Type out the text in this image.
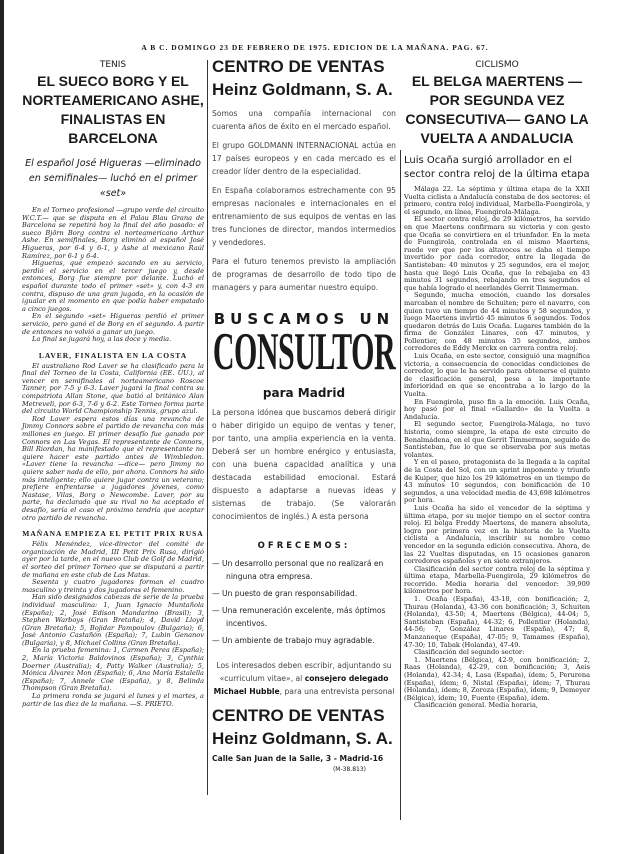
A B C. DOMINGO 23 DE FEBRERO DE 1975. EDICION DE LA MAÑANA. PAG. 67.
TENIS
EL SUECO BORG Y EL NORTEAMERICANO ASHE, FINALISTAS EN BARCELONA
El español José Higueras —eliminado en semifinales— luchó en el primer «set»

En el Torneo profesional —grupo verde del circuito W.C.T.— que se disputa en el Palau Blau Grana de Barcelona se repetirá hoy la final del año pasado: el sueco Björn Borg contra el norteamericano Arthur Ashe. En semifinales, Borg eliminó al español José Higueras, por 6-4 y 6-1, y Ashe al mexicano Raúl Ramírez, por 6-1 y 6-4.

Higueras, que empezó sacando en su servicio, perdió el servicio en el tercer juego y, desde entonces, Borg fue siempre por delante. Luchó el español durante todo el primer «set» y, con 4-3 en contra, dispuso de una gran jugada, en la ocasión de igualar en el momento en que podía haber empatado a cinco juegos.

En el segundo «set» Higueras perdió el primer servicio, pero ganó el de Borg en el segundo. A partir de entonces no volvió a ganar un juego.

La final se jugará hoy, a las doce y media.

LAVER, FINALISTA EN LA COSTA

El australiano Rod Laver se ha clasificado para la final del Torneo de la Costa, California (EE. UU.), al vencer en semifinales al norteamericano Roscoe Tanner, por 7-5 y 6-3. Laver jugará la final contra su compatriota Allan Stone, que batió al británico Alan Metreveli, por 6-3, 7-6 y 6-2. Este Torneo forma parte del circuito World Championship Tennis, grupo azul.

Rod Laver espera estos días una revancha de Jimmy Connors sobre el partido de revancha con más millones en juego. El primer desafío fue ganado por Connors en Las Vegas. El representante de Connors, Bill Riordan, ha manifestado que el representante no quiere hacer este partido antes de Wimbledon. «Laver tiene la revancha —dice— pero Jimmy no quiere saber nada de ello, por ahora. Connors ha sido más inteligente; ello quiere jugar contra un veterano; prefiere enfrentarse a jugadores jóvenes, como Nastase, Vilas, Borg o Newcombe. Laver, por su parte, ha declarado que su rival no ha aceptado el desafío, sería el caso el próximo tendría que aceptar otro partido de revancha.

MAÑANA EMPIEZA EL PETIT PRIX RUSA

Félix Menéndez, vice-director del comité de organización de Madrid, III Petit Prix Rusa, dirigió ayer por la tarde, en el nuevo Club de Golf de Madrid, el sorteo del primer Torneo que se disputará a partir de mañana en este club de Las Matas.

Sesenta y cuatro jugadores forman el cuadro masculino y treinta y dos jugadoras el femenino.

Han sido designados cabezas de serie de la prueba individual masculina: 1, Juan Ignacio Muntañola (España); 2, José Edison Mandarino (Brasil); 3, Stephen Warboys (Gran Bretaña); 4, David Lloyd (Gran Bretaña); 5, Bojidar Pampoulov (Bulgaria); 6, José Antonio Castañón (España); 7, Lubin Genanov (Bulgaria), y 8, Michael Collins (Gran Bretaña).

En la prueba femenina: 1, Carmen Perea (España); 2, María Victoria Baldovinos (España); 3, Cynthia Doerner (Australia); 4, Patty Walker (Australia); 5, Mónica Álvarez Mon (España); 6, Ana María Estalella (España); 7, Annele Coe (España), y 8, Belinda Thompson (Gran Bretaña).

La primera ronda se jugará el lunes y el martes, a partir de las diez de la mañana. —S. PRIETO.

CENTRO DE VENTAS
Heinz Goldmann, S. A.

Somos una compañía internacional con cuarenta años de éxito en el mercado español.

El grupo GOLDMANN INTERNACIONAL actúa en 17 países europeos y en cada mercado es el creador líder dentro de la especialidad.

En España colaboramos estrechamente con 95 empresas nacionales e internacionales en el entrenamiento de sus equipos de ventas en las tres funciones de director, mandos intermedios y vendedores.

Para el futuro tenemos previsto la ampliación de programas de desarrollo de todo tipo de managers y para aumentar nuestro equipo.

BUSCAMOS UN
CONSULTOR
para Madrid

La persona idónea que buscamos deberá dirigir o haber dirigido un equipo de ventas y tener, por tanto, una amplia experiencia en la venta. Deberá ser un hombre enérgico y entusiasta, con una buena capacidad analítica y una destacada estabilidad emocional. Estará dispuesto a adaptarse a nuevas ideas y sistemas de trabajo. (Se valorarán conocimientos de inglés.) A esta persona

OFRECEMOS:
— Un desarrollo personal que no realizará en ninguna otra empresa.
— Un puesto de gran responsabilidad.
— Una remuneración excelente, más óptimos incentivos.
— Un ambiente de trabajo muy agradable.

Los interesados deben escribir, adjuntando su «curriculum vitae», al consejero delegado Michael Hubble, para una entrevista personal

CENTRO DE VENTAS
Heinz Goldmann, S. A.
Calle San Juan de la Salle, 3 - Madrid-16
(M-38.813)
CICLISMO
EL BELGA MAERTENS —POR SEGUNDA VEZ CONSECUTIVA— GANO LA VUELTA A ANDALUCIA
Luis Ocaña surgió arrollador en el sector contra reloj de la última etapa

Málaga 22. La séptima y última etapa de la XXII Vuelta ciclista a Andalucía constaba de dos sectores: el primero, contra reloj individual, Marbella-Fuengirola, y el segundo, en línea, Fuengirola-Málaga.

El sector contra reloj, de 29 kilómetros, ha servido en que Maertens confirmara su victoria y con gesto que Ocaña se convirtiera en el triunfador. En la meta de Fuengirola, controlada en el mismo Maertens, ruede ver que por los altavoces se daba el tiempo invertido por cada corredor, entre la llegada de Santisteban: 40 minutos y 25 segundos, era el mejor, hasta que llegó Luis Ocaña, que lo rebajaba en 43 minutos 31 segundos, rebajando en tres segundos el que había logrado el neerlandés Gerrit Timmerman.

Segundo, mucha emoción, cuando los dorsales marcaban el nombre de Schuiten; pero el navarro, con quien tuvo un tiempo de 44 minutos y 58 segundos, y luego Maertens invirtió 45 minutos 6 segundos. Todos quedaron detrás de Luis Ocaña. Lugares también de la firma de González Linares, con 47 minutos, y Pollentier, con 48 minutos 35 segundos, ambos corredores de Eddy Merckx en carrera contra reloj.

Luis Ocaña, en este sector, consiguió una magnífica victoria, a consecuencia de conocidas condiciones de corredor, lo que le ha servido para obtenerse el quinto de clasificación general, pese a la importante inferioridad en que se encontraba a lo largo de la Vuelta.

En Fuengirola, puso fin a la emoción. Luis Ocaña, hoy pasó por el final «Gallardo» de la Vuelta a Andalucía.

El segundo sector, Fuengirola-Málaga, no tuvo historia, como siempre, la etapa de este circuito de Benalmádena, en el que Gerrit Timmerman, seguido de Santisteban, fue lo que se observaba por sus metas volantes.

Y en el paseo, protagonista de la llegada a la capital de la Costa del Sol, con un sprint imponente y triunfo de Kuiper, que hizo los 29 kilómetros en un tiempo de 43 minutos 10 segundos, con bonificación de 10 segundos, a una velocidad media de 43,698 kilómetros por hora.

Luis Ocaña ha sido el vencedor de la séptima y última etapa, por su mejor tiempo en el sector contra reloj. El belga Freddy Maertens, de manera absoluta, logra por primera vez en la historia de la Vuelta ciclista a Andalucía, inscribir su nombre como vencedor en la segunda edición consecutiva. Ahora, de las 22 Vueltas disputadas, en 15 ocasiones ganaron corredores españoles y en siete extranjeros.

Clasificación del sector contra reloj de la séptima y última etapa, Marbella-Fuengirola, 29 kilómetros de recorrido. Media horaria del vencedor: 39,909 kilómetros por hora.

1. Ocaña (España), 43-18, con bonificación; 2, Thurau (Holanda), 43-36 con bonificación; 3, Schuiten (Holanda), 43-50; 4, Maertens (Bélgica), 44-04; 5, Santisteban (España), 44-32; 6, Pollentier (Holanda), 44-56; 7, González Linares (España), 47; 8, Manzaneque (España), 47-05; 9, Tamames (España), 47-30; 10, Tabak (Holanda), 47-49.

Clasificación del segundo sector:

1. Maertens (Bélgica), 42-9, con bonificación; 2, Raas (Holanda), 42-29, con bonificación; 3, Aeis (Holanda), 42-34; 4, Lasa (España), ídem; 5, Perurena (España), ídem; 6, Nistal (España), ídem; 7, Thurau (Holanda), ídem; 8, Zoroza (España), ídem; 9, Demeyer (Bélgica), ídem; 10, Fuente (España), ídem.

Clasificación general. Media horaria,
